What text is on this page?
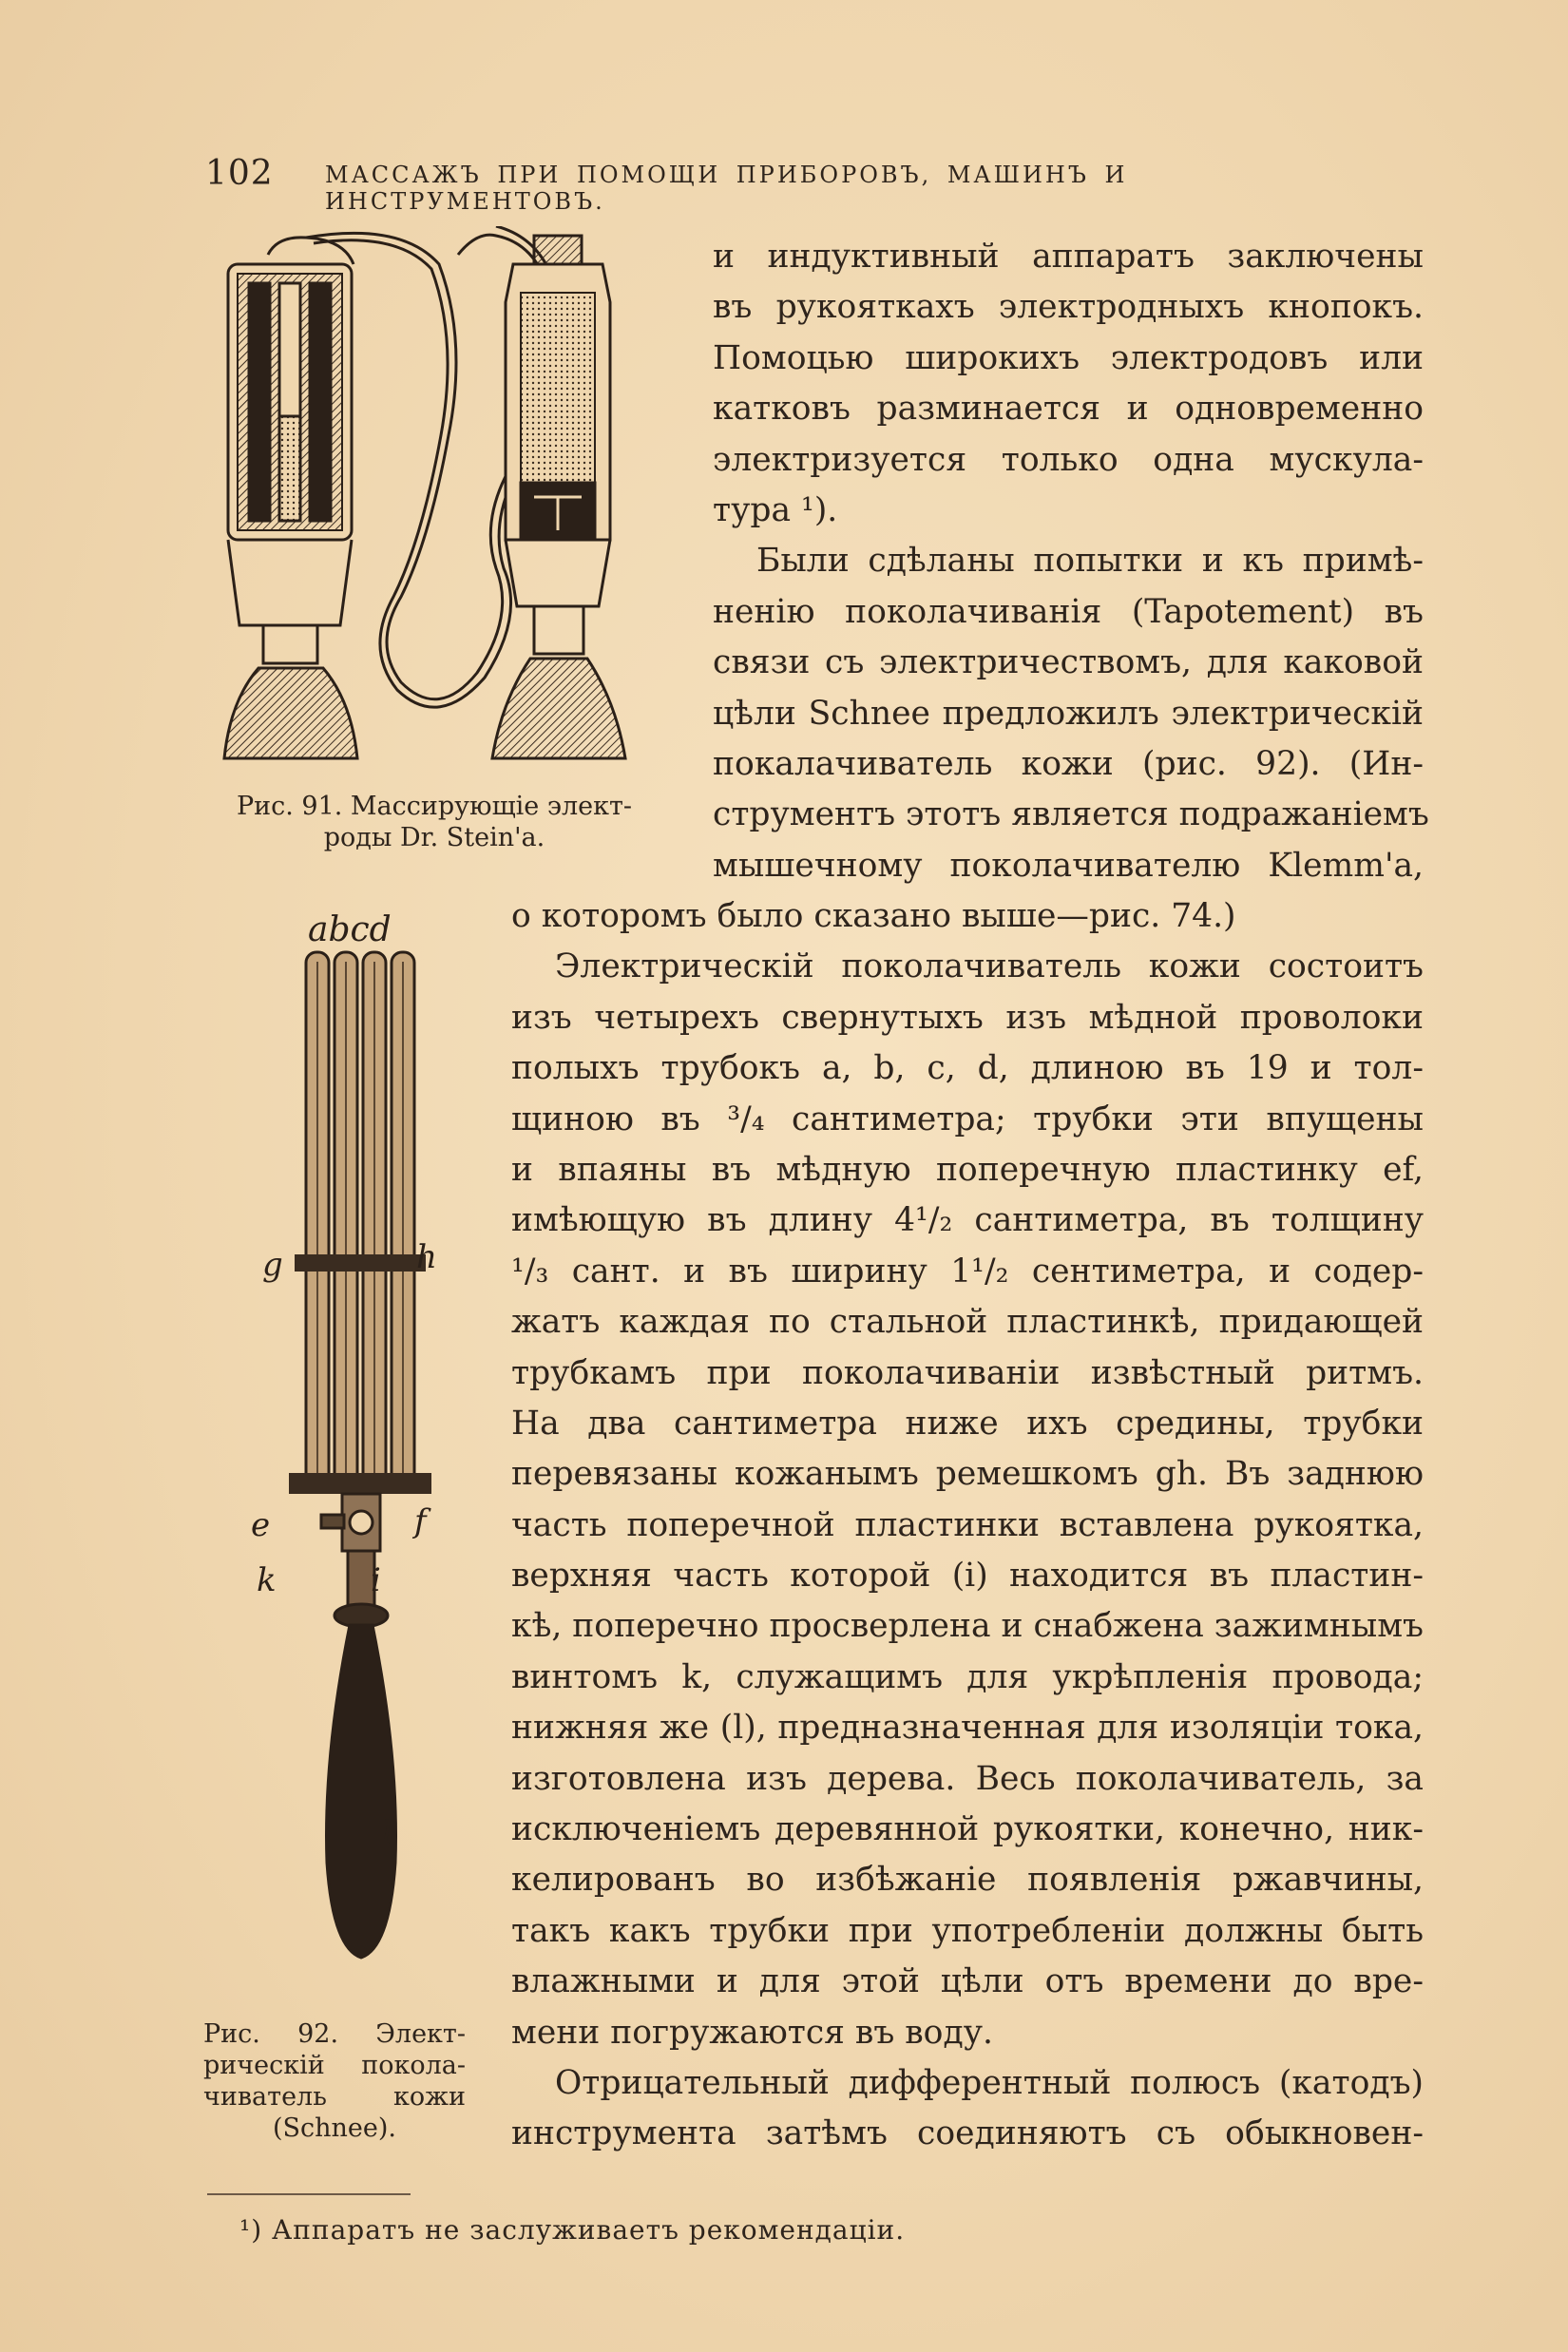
102 МАССАЖЪ ПРИ ПОМОЩИ ПРИБОРОВЪ, МАШИНЪ И ИНСТРУМЕНТОВЪ.
Рис. 91. Массирующіе элект-
роды Dr. Stein'а.
abcd
g	h
e	f
k	i
l
Рис. 92. Элект-
рическій покола-
чиватель кожи
(Schnee).
и индуктивный аппаратъ заключены
въ рукояткахъ электродныхъ кнопокъ.
Помоцью широкихъ электродовъ или
катковъ разминается и одновременно
электризуется только одна мускула-
тура ¹).
Были сдѣланы попытки и къ примѣ-
ненію поколачиванія (Tapotement) въ
связи съ электричествомъ, для каковой
цѣли Schnee предложилъ электрическій
покалачиватель кожи (рис. 92). (Ин-
струментъ этотъ является подражаніемъ
мышечному поколачивателю Klemm'а,
о которомъ было сказано выше—рис. 74.)
Электрическій поколачиватель кожи состоитъ
изъ четырехъ свернутыхъ изъ мѣдной проволоки
полыхъ трубокъ a, b, c, d, длиною въ 19 и тол-
щиною въ ³/₄ сантиметра; трубки эти впущены
и впаяны въ мѣдную поперечную пластинку ef,
имѣющую въ длину 4¹/₂ сантиметра, въ толщину
¹/₃ сант. и въ ширину 1¹/₂ сентиметра, и содер-
жатъ каждая по стальной пластинкѣ, придающей
трубкамъ при поколачиваніи извѣстный ритмъ.
На два сантиметра ниже ихъ средины, трубки
перевязаны кожанымъ ремешкомъ gh. Въ заднюю
часть поперечной пластинки вставлена рукоятка,
верхняя часть которой (i) находится въ пластин-
кѣ, поперечно просверлена и снабжена зажимнымъ
винтомъ k, служащимъ для укрѣпленія провода;
нижняя же (l), предназначенная для изоляціи тока,
изготовлена изъ дерева. Весь поколачиватель, за
исключеніемъ деревянной рукоятки, конечно, ник-
келированъ во избѣжаніе появленія ржавчины,
такъ какъ трубки при употребленіи должны быть
влажными и для этой цѣли отъ времени до вре-
мени погружаются въ воду.
Отрицательный дифферентный полюсъ (катодъ)
инструмента затѣмъ соединяютъ съ обыкновен-
¹) Аппаратъ не заслуживаетъ рекомендаціи.
